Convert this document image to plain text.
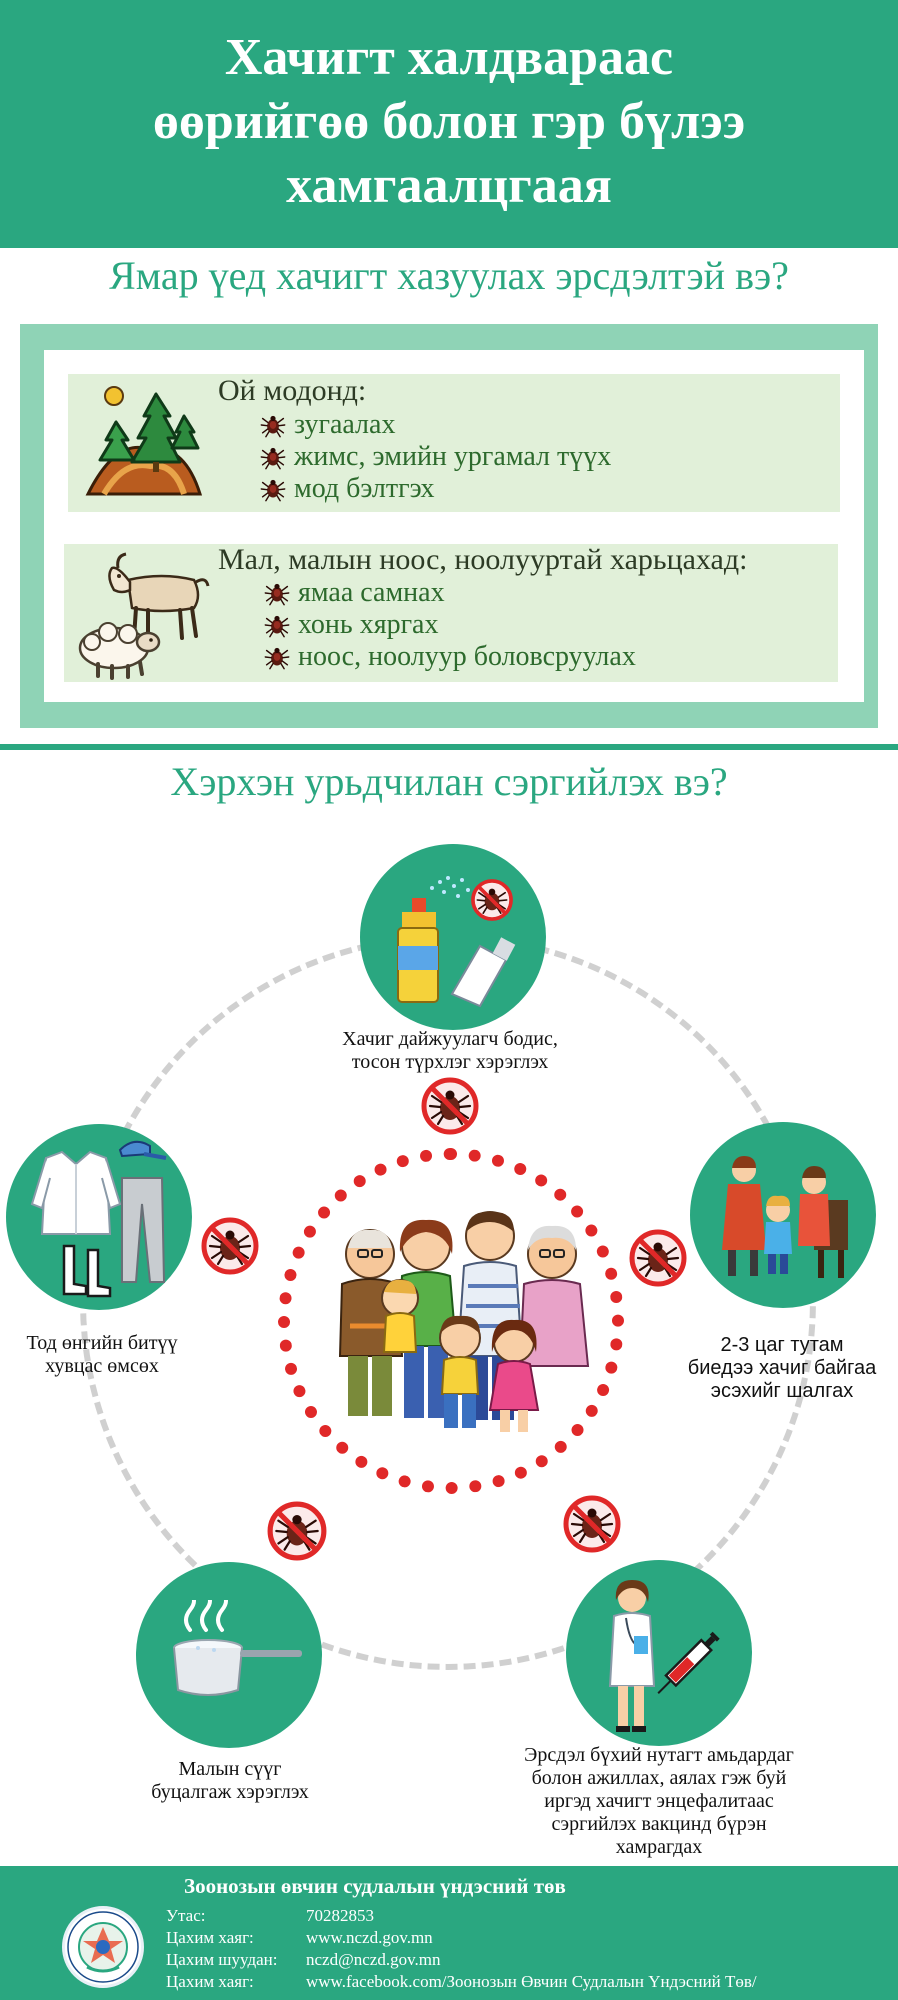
Хачигт халдвараас
өөрийгөө болон гэр бүлээ
хамгаалцгаая
Ямар үед хачигт хазуулах эрсдэлтэй вэ?
Ой модонд:
зугаалах
жимс, эмийн ургамал түүх
мод бэлтгэх
Мал, малын ноос, ноолууртай харьцахад:
ямаа самнах
хонь хяргах
ноос, ноолуур боловсруулах
Хэрхэн урьдчилан сэргийлэх вэ?
Хачиг дайжуулагч бодис,
тосон түрхлэг хэрэглэх
2-3 цаг тутам
биедээ хачиг байгаа
эсэхийг шалгах
Тод өнгийн битүү
хувцас өмсөх
Малын сүүг
буцалгаж хэрэглэх
Эрсдэл бүхий нутагт амьдардаг
болон ажиллах, аялах гэж буй
иргэд хачигт энцефалитаас
сэргийлэх вакцинд бүрэн
хамрагдах
Зоонозын өвчин судлалын үндэсний төв
Утас:	70282853
Цахим хаяг:	www.nczd.gov.mn
Цахим шуудан: nczd@nczd.gov.mn
Цахим хаяг:	www.facebook.com/Зоонозын Өвчин Судлалын Үндэсний Төв/
